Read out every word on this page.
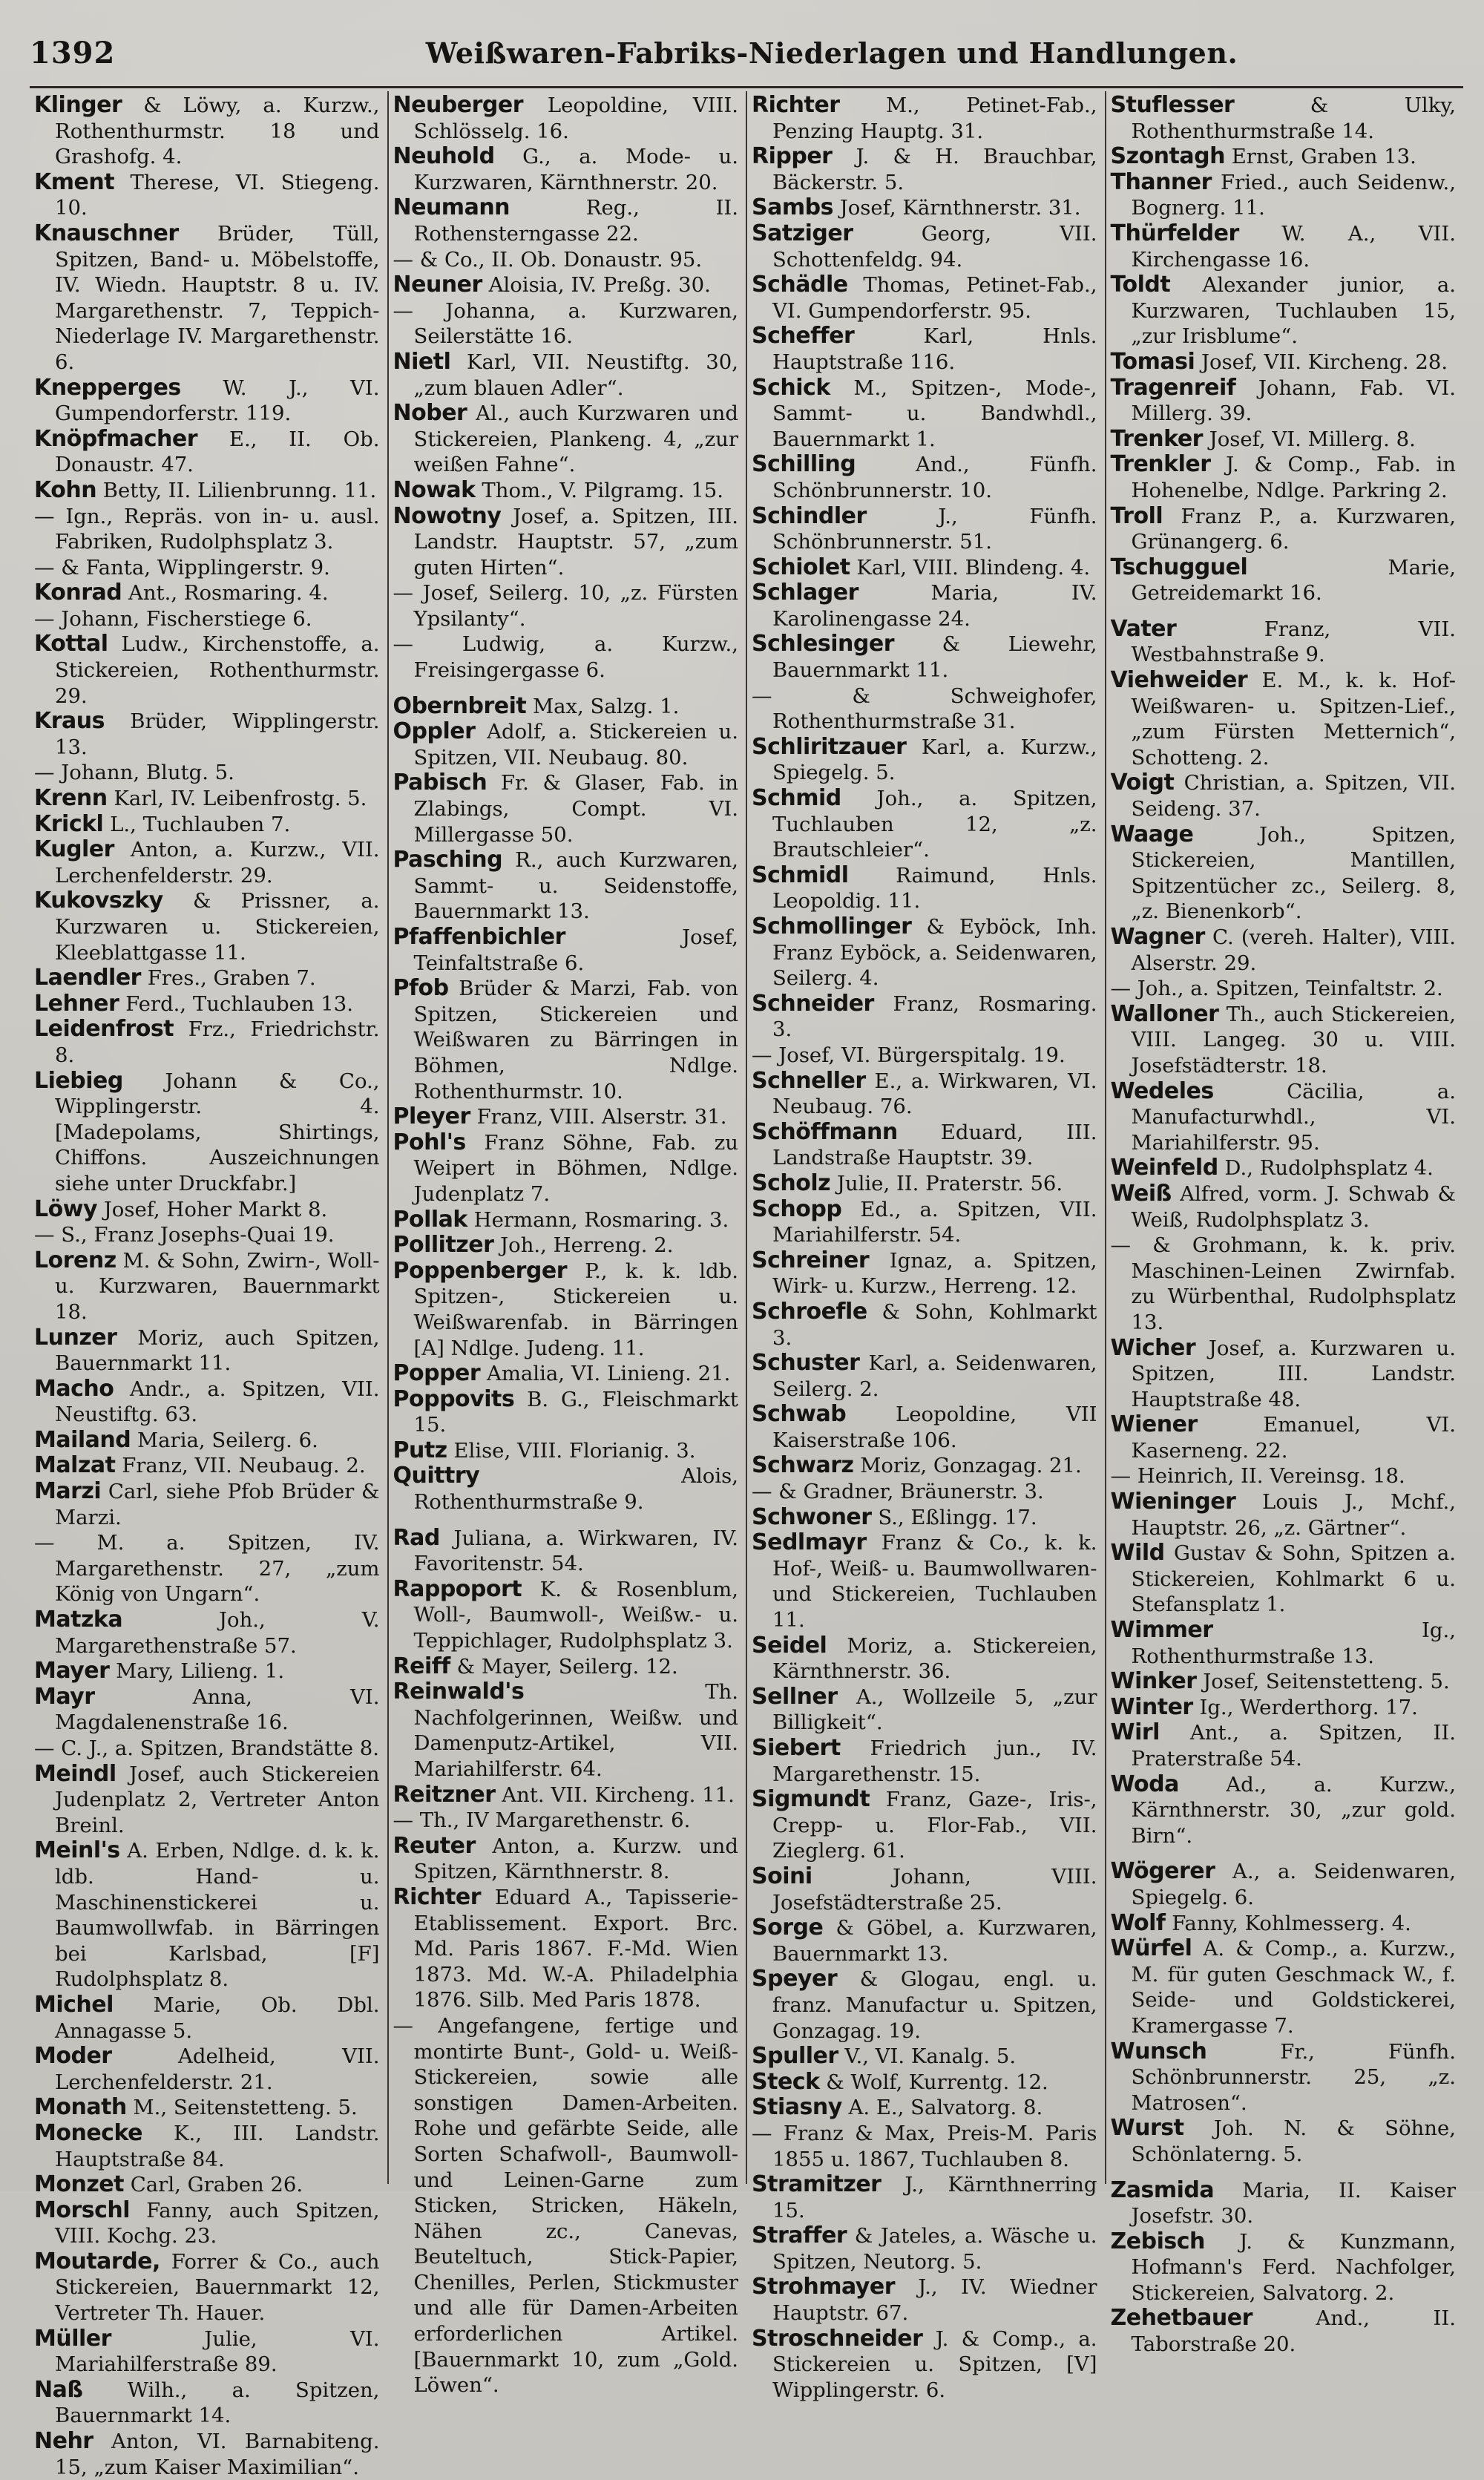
1392	Weißwaren-Fabriks-Niederlagen und Handlungen.

Klinger & Löwy, a. Kurzw., Rothenthurmstr. 18 und Grashofg. 4.

Kment Therese, VI. Stiegeng. 10.

Knauschner Brüder, Tüll, Spitzen, Band- u. Möbelstoffe, IV. Wiedn. Hauptstr. 8 u. IV. Margarethenstr. 7, Teppich-Niederlage IV. Margarethenstr. 6.

Knepperges W. J., VI. Gumpendorferstr. 119.

Knöpfmacher E., II. Ob. Donaustr. 47.

Kohn Betty, II. Lilienbrunng. 11.

— Ign., Repräs. von in- u. ausl. Fabriken, Rudolphsplatz 3.

— & Fanta, Wipplingerstr. 9.

Konrad Ant., Rosmaring. 4.

— Johann, Fischerstiege 6.

Kottal Ludw., Kirchenstoffe, a. Stickereien, Rothenthurmstr. 29.

Kraus Brüder, Wipplingerstr. 13.

— Johann, Blutg. 5.

Krenn Karl, IV. Leibenfrostg. 5.

Krickl L., Tuchlauben 7.

Kugler Anton, a. Kurzw., VII. Lerchenfelderstr. 29.

Kukovszky & Prissner, a. Kurzwaren u. Stickereien, Kleeblattgasse 11.

Laendler Fres., Graben 7.

Lehner Ferd., Tuchlauben 13.

Leidenfrost Frz., Friedrichstr. 8.

Liebieg Johann & Co., Wipplingerstr. 4. [Madepolams, Shirtings, Chiffons. Auszeichnungen siehe unter Druckfabr.]

Löwy Josef, Hoher Markt 8.

— S., Franz Josephs-Quai 19.

Lorenz M. & Sohn, Zwirn-, Woll- u. Kurzwaren, Bauernmarkt 18.

Lunzer Moriz, auch Spitzen, Bauernmarkt 11.

Macho Andr., a. Spitzen, VII. Neustiftg. 63.

Mailand Maria, Seilerg. 6.

Malzat Franz, VII. Neubaug. 2.

Marzi Carl, siehe Pfob Brüder & Marzi.

— M. a. Spitzen, IV. Margarethenstr. 27, „zum König von Ungarn“.

Matzka	Joh., V. Margarethenstraße 57.

Mayer Mary, Lilieng. 1.

Mayr	Anna, VI. Magdalenenstraße 16.

— C. J., a. Spitzen, Brandstätte 8.

Meindl Josef, auch Stickereien Judenplatz 2, Vertreter Anton Breinl.

Meinl's A. Erben, Ndlge. d. k. k. ldb. Hand- u. Maschinenstickerei u. Baumwollwfab. in Bärringen bei Karlsbad, [F] Rudolphsplatz 8.

Michel Marie, Ob. Dbl. Annagasse 5.

Moder	Adelheid, VII. Lerchenfelderstr. 21.

Monath M., Seitenstetteng. 5.

Monecke K., III. Landstr. Hauptstraße 84.

Monzet Carl, Graben 26.

Morschl Fanny, auch Spitzen, VIII. Kochg. 23.

Moutarde, Forrer & Co., auch Stickereien, Bauernmarkt 12, Vertreter Th. Hauer.

Müller	Julie, VI. Mariahilferstraße 89.

Naß Wilh., a. Spitzen, Bauernmarkt 14.

Nehr Anton, VI. Barnabiteng. 15, „zum Kaiser Maximilian“.

Neuberger Leopoldine, VIII. Schlösselg. 16.

Neuhold G., a. Mode- u. Kurzwaren, Kärnthnerstr. 20.

Neumann	Reg., II. Rothensterngasse 22.

— & Co., II. Ob. Donaustr. 95.

Neuner Aloisia, IV. Preßg. 30.

— Johanna, a. Kurzwaren, Seilerstätte 16.

Nietl Karl, VII. Neustiftg. 30, „zum blauen Adler“.

Nober Al., auch Kurzwaren und Stickereien, Plankeng. 4, „zur weißen Fahne“.

Nowak Thom., V. Pilgramg. 15.

Nowotny Josef, a. Spitzen, III. Landstr. Hauptstr. 57, „zum guten Hirten“.

— Josef, Seilerg. 10, „z. Fürsten Ypsilanty“.

— Ludwig, a. Kurzw., Freisingergasse 6.

Obernbreit Max, Salzg. 1.

Oppler Adolf, a. Stickereien u. Spitzen, VII. Neubaug. 80.

Pabisch Fr. & Glaser, Fab. in Zlabings, Compt. VI. Millergasse 50.

Pasching R., auch Kurzwaren, Sammt- u. Seidenstoffe, Bauernmarkt 13.

Pfaffenbichler	Josef, Teinfaltstraße 6.

Pfob Brüder & Marzi, Fab. von Spitzen, Stickereien und Weißwaren zu Bärringen in Böhmen, Ndlge. Rothenthurmstr. 10.

Pleyer Franz, VIII. Alserstr. 31.

Pohl's Franz Söhne, Fab. zu Weipert in Böhmen, Ndlge. Judenplatz 7.

Pollak Hermann, Rosmaring. 3.

Pollitzer Joh., Herreng. 2.

Poppenberger P., k. k. ldb. Spitzen-, Stickereien u. Weißwarenfab. in Bärringen [A] Ndlge. Judeng. 11.

Popper Amalia, VI. Linieng. 21.

Poppovits B. G., Fleischmarkt 15.

Putz Elise, VIII. Florianig. 3.

Quittry	Alois, Rothenthurmstraße 9.

Rad Juliana, a. Wirkwaren, IV. Favoritenstr. 54.

Rappoport K. & Rosenblum, Woll-, Baumwoll-, Weißw.- u. Teppichlager, Rudolphsplatz 3.

Reiff & Mayer, Seilerg. 12.

Reinwald's	Th. Nachfolgerinnen, Weißw. und Damenputz-Artikel, VII. Mariahilferstr. 64.

Reitzner Ant. VII. Kircheng. 11.

— Th., IV Margarethenstr. 6.

Reuter Anton, a. Kurzw. und Spitzen, Kärnthnerstr. 8.

Richter Eduard A., Tapisserie-Etablissement. Export. Brc. Md. Paris 1867. F.-Md. Wien 1873. Md. W.-A. Philadelphia 1876. Silb. Med Paris 1878.

— Angefangene, fertige und montirte Bunt-, Gold- u. Weiß-Stickereien, sowie alle sonstigen Damen-Arbeiten. Rohe und gefärbte Seide, alle Sorten Schafwoll-, Baumwoll- und Leinen-Garne zum Sticken, Stricken, Häkeln, Nähen zc., Canevas, Beuteltuch, Stick-Papier, Chenilles, Perlen, Stickmuster und alle für Damen-Arbeiten erforderlichen Artikel. [Bauernmarkt 10, zum „Gold. Löwen“.

Richter M., Petinet-Fab., Penzing Hauptg. 31.

Ripper J. & H. Brauchbar, Bäckerstr. 5.

Sambs Josef, Kärnthnerstr. 31.

Satziger	Georg, VII. Schottenfeldg. 94.

Schädle Thomas, Petinet-Fab., VI. Gumpendorferstr. 95.

Scheffer	Karl, Hnls. Hauptstraße 116.

Schick M., Spitzen-, Mode-, Sammt- u. Bandwhdl., Bauernmarkt 1.

Schilling	And., Fünfh. Schönbrunnerstr. 10.

Schindler	J., Fünfh. Schönbrunnerstr. 51.

Schiolet Karl, VIII. Blindeng. 4.

Schlager	Maria, IV. Karolinengasse 24.

Schlesinger & Liewehr, Bauernmarkt 11.

— & Schweighofer, Rothenthurmstraße 31.

Schliritzauer Karl, a. Kurzw., Spiegelg. 5.

Schmid Joh., a. Spitzen, Tuchlauben 12, „z. Brautschleier“.

Schmidl Raimund, Hnls. Leopoldig. 11.

Schmollinger & Eyböck, Inh. Franz Eyböck, a. Seidenwaren, Seilerg. 4.

Schneider Franz, Rosmaring. 3.

— Josef, VI. Bürgerspitalg. 19.

Schneller E., a. Wirkwaren, VI. Neubaug. 76.

Schöffmann Eduard, III. Landstraße Hauptstr. 39.

Scholz Julie, II. Praterstr. 56.

Schopp Ed., a. Spitzen, VII. Mariahilferstr. 54.

Schreiner Ignaz, a. Spitzen, Wirk- u. Kurzw., Herreng. 12.

Schroefle & Sohn, Kohlmarkt 3.

Schuster Karl, a. Seidenwaren, Seilerg. 2.

Schwab Leopoldine, VII Kaiserstraße 106.

Schwarz Moriz, Gonzagag. 21.

— & Gradner, Bräunerstr. 3.

Schwoner S., Eßlingg. 17.

Sedlmayr Franz & Co., k. k. Hof-, Weiß- u. Baumwollwaren- und Stickereien, Tuchlauben 11.

Seidel Moriz, a. Stickereien, Kärnthnerstr. 36.

Sellner A., Wollzeile 5, „zur Billigkeit“.

Siebert Friedrich jun., IV. Margarethenstr. 15.

Sigmundt Franz, Gaze-, Iris-, Crepp- u. Flor-Fab., VII. Zieglerg. 61.

Soini	Johann, VIII. Josefstädterstraße 25.

Sorge & Göbel, a. Kurzwaren, Bauernmarkt 13.

Speyer & Glogau, engl. u. franz. Manufactur u. Spitzen, Gonzagag. 19.

Spuller V., VI. Kanalg. 5.

Steck & Wolf, Kurrentg. 12.

Stiasny A. E., Salvatorg. 8.

— Franz & Max, Preis-M. Paris 1855 u. 1867, Tuchlauben 8.

Stramitzer J., Kärnthnerring 15.

Straffer & Jateles, a. Wäsche u. Spitzen, Neutorg. 5.

Strohmayer J., IV. Wiedner Hauptstr. 67.

Stroschneider J. & Comp., a. Stickereien u. Spitzen, [V] Wipplingerstr. 6.

Stuflesser	& Ulky, Rothenthurmstraße 14.

Szontagh Ernst, Graben 13.

Thanner Fried., auch Seidenw., Bognerg. 11.

Thürfelder W. A., VII. Kirchengasse 16.

Toldt Alexander junior, a. Kurzwaren, Tuchlauben 15, „zur Irisblume“.

Tomasi Josef, VII. Kircheng. 28.

Tragenreif Johann, Fab. VI. Millerg. 39.

Trenker Josef, VI. Millerg. 8.

Trenkler J. & Comp., Fab. in Hohenelbe, Ndlge. Parkring 2.

Troll Franz P., a. Kurzwaren, Grünangerg. 6.

Tschugguel	Marie, Getreidemarkt 16.

Vater	Franz, VII. Westbahnstraße 9.

Viehweider E. M., k. k. Hof-Weißwaren- u. Spitzen-Lief., „zum Fürsten Metternich“, Schotteng. 2.

Voigt Christian, a. Spitzen, VII. Seideng. 37.

Waage	Joh., Spitzen, Stickereien, Mantillen, Spitzentücher zc., Seilerg. 8, „z. Bienenkorb“.

Wagner C. (vereh. Halter), VIII. Alserstr. 29.

— Joh., a. Spitzen, Teinfaltstr. 2.

Walloner Th., auch Stickereien, VIII. Langeg. 30 u. VIII. Josefstädterstr. 18.

Wedeles	Cäcilia, a. Manufacturwhdl., VI. Mariahilferstr. 95.

Weinfeld D., Rudolphsplatz 4.

Weiß Alfred, vorm. J. Schwab & Weiß, Rudolphsplatz 3.

— & Grohmann, k. k. priv. Maschinen-Leinen Zwirnfab. zu Würbenthal, Rudolphsplatz 13.

Wicher Josef, a. Kurzwaren u. Spitzen, III. Landstr. Hauptstraße 48.

Wiener	Emanuel, VI. Kaserneng. 22.

— Heinrich, II. Vereinsg. 18.

Wieninger Louis J., Mchf., Hauptstr. 26, „z. Gärtner“.

Wild Gustav & Sohn, Spitzen a. Stickereien, Kohlmarkt 6 u. Stefansplatz 1.

Wimmer	Ig., Rothenthurmstraße 13.

Winker Josef, Seitenstetteng. 5.

Winter Ig., Werderthorg. 17.

Wirl Ant., a. Spitzen, II. Praterstraße 54.

Woda Ad., a. Kurzw., Kärnthnerstr. 30, „zur gold. Birn“.

Wögerer A., a. Seidenwaren, Spiegelg. 6.

Wolf Fanny, Kohlmesserg. 4.

Würfel A. & Comp., a. Kurzw., M. für guten Geschmack W., f. Seide- und Goldstickerei, Kramergasse 7.

Wunsch	Fr., Fünfh. Schönbrunnerstr. 25, „z. Matrosen“.

Wurst Joh. N. & Söhne, Schönlaterng. 5.

Zasmida Maria, II. Kaiser Josefstr. 30.

Zebisch J. & Kunzmann, Hofmann's Ferd. Nachfolger, Stickereien, Salvatorg. 2.

Zehetbauer	And., II. Taborstraße 20.
